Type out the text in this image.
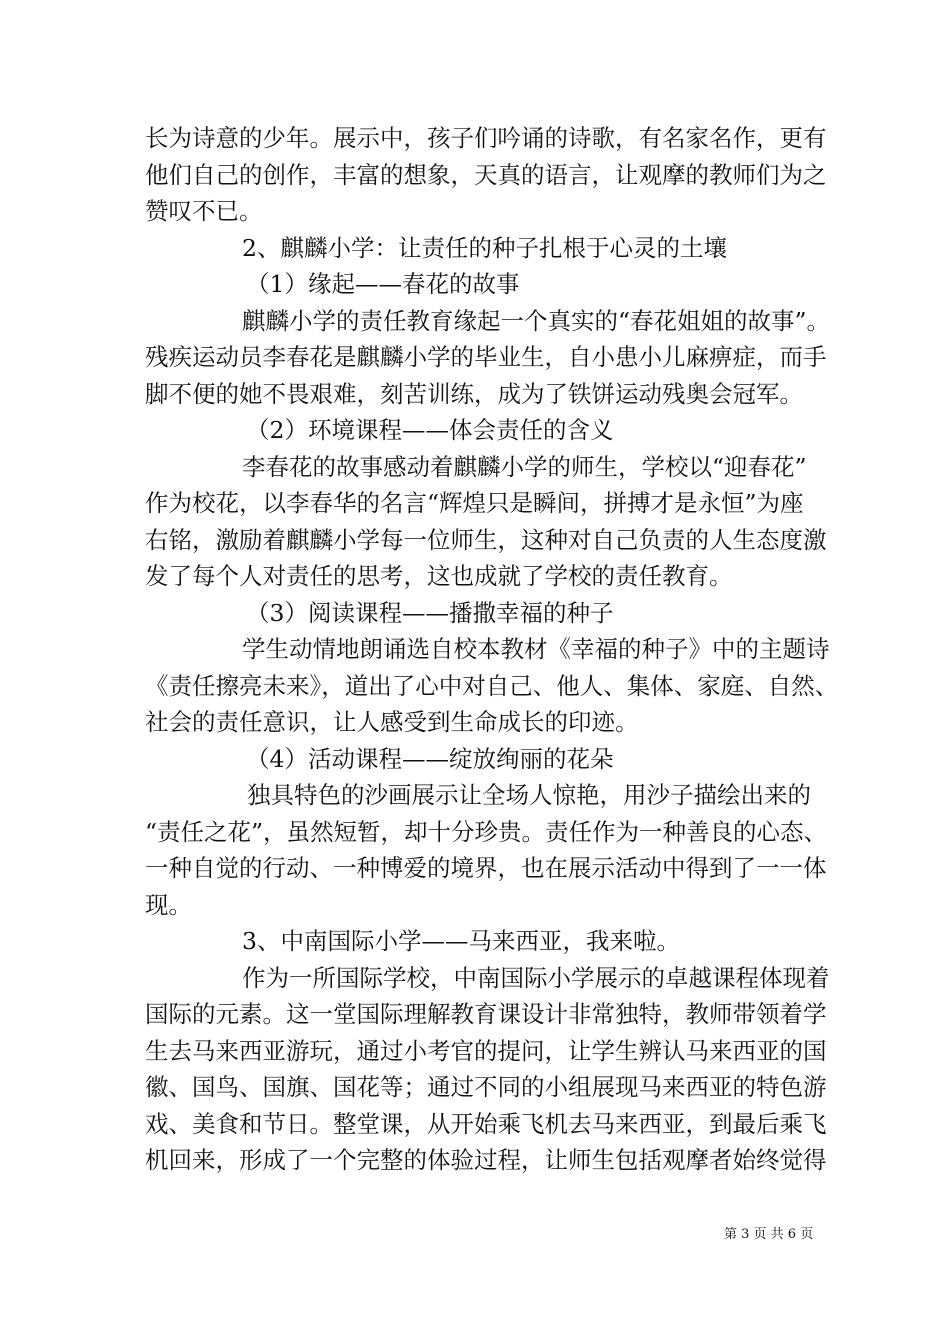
长为诗意的少年。展示中，孩子们吟诵的诗歌，有名家名作，更有
他们自己的创作，丰富的想象，天真的语言，让观摩的教师们为之
赞叹不已。
2、麒麟小学：让责任的种子扎根于心灵的土壤
（1）缘起——春花的故事
麒麟小学的责任教育缘起一个真实的“春花姐姐的故事”。
残疾运动员李春花是麒麟小学的毕业生，自小患小儿麻痹症，而手
脚不便的她不畏艰难，刻苦训练，成为了铁饼运动残奥会冠军。
（2）环境课程——体会责任的含义
李春花的故事感动着麒麟小学的师生，学校以“迎春花”
作为校花，以李春华的名言“辉煌只是瞬间，拼搏才是永恒”为座
右铭，激励着麒麟小学每一位师生，这种对自己负责的人生态度激
发了每个人对责任的思考，这也成就了学校的责任教育。
（3）阅读课程——播撒幸福的种子
学生动情地朗诵选自校本教材《幸福的种子》中的主题诗
《责任擦亮未来》，道出了心中对自己、他人、集体、家庭、自然、
社会的责任意识，让人感受到生命成长的印迹。
（4）活动课程——绽放绚丽的花朵
独具特色的沙画展示让全场人惊艳，用沙子描绘出来的
“责任之花”，虽然短暂，却十分珍贵。责任作为一种善良的心态、
一种自觉的行动、一种博爱的境界，也在展示活动中得到了一一体
现。
3、中南国际小学——马来西亚，我来啦。
作为一所国际学校，中南国际小学展示的卓越课程体现着
国际的元素。这一堂国际理解教育课设计非常独特，教师带领着学
生去马来西亚游玩，通过小考官的提问，让学生辨认马来西亚的国
徽、国鸟、国旗、国花等；通过不同的小组展现马来西亚的特色游
戏、美食和节日。整堂课，从开始乘飞机去马来西亚，到最后乘飞
机回来，形成了一个完整的体验过程，让师生包括观摩者始终觉得
第 3 页 共 6 页
